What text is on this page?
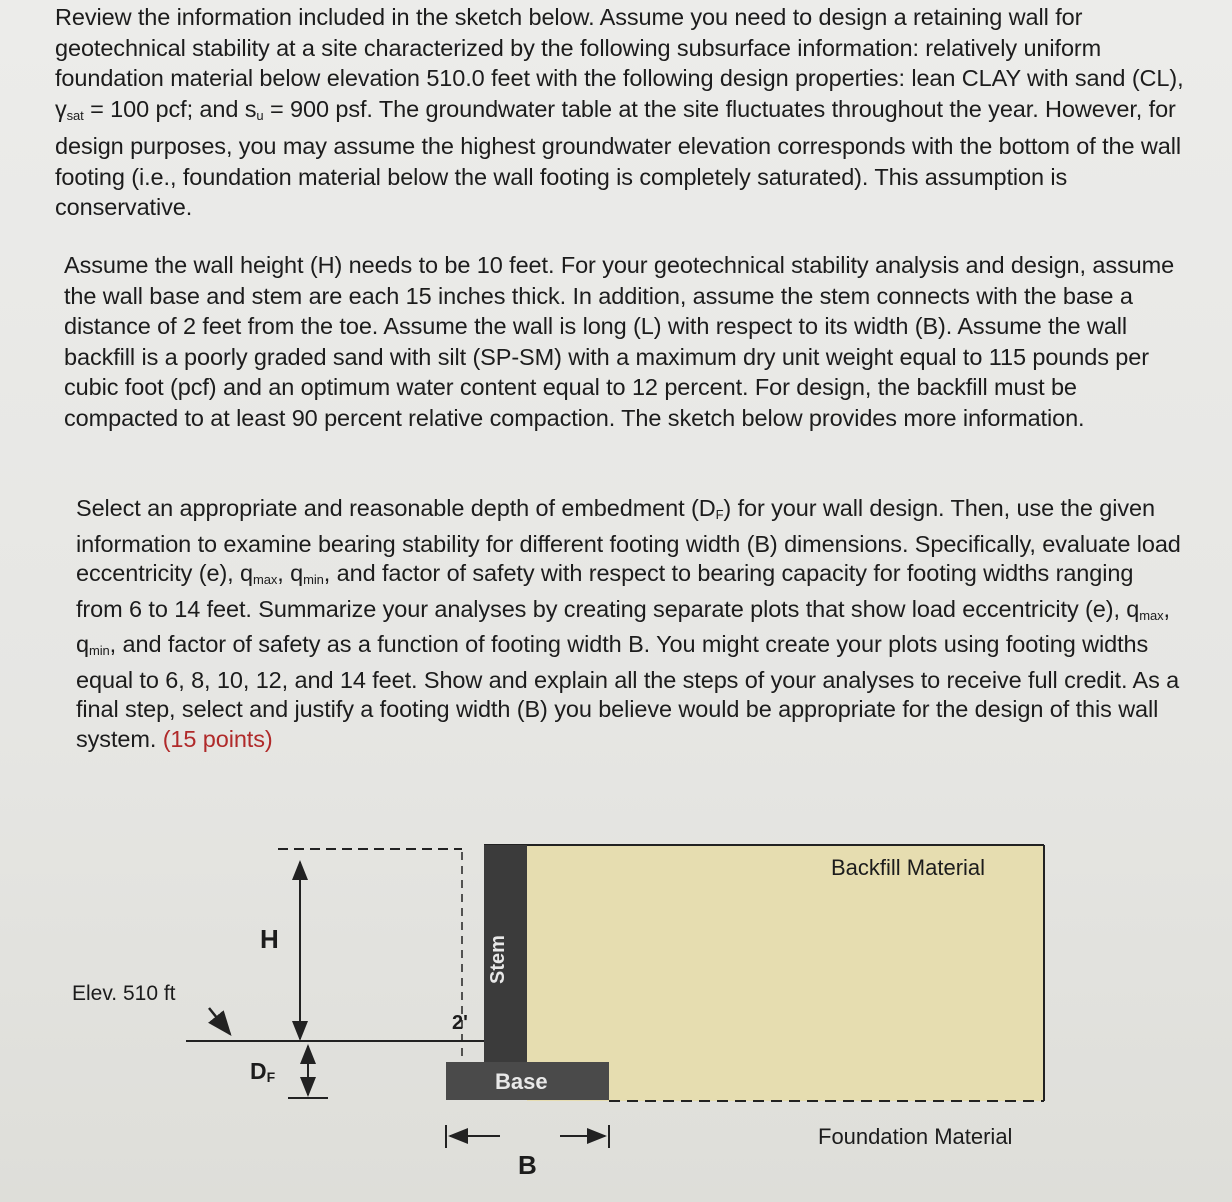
Review the information included in the sketch below. Assume you need to design a retaining wall for geotechnical stability at a site characterized by the following subsurface information: relatively uniform foundation material below elevation 510.0 feet with the following design properties: lean CLAY with sand (CL), $\gamma_{sat} = 100$ pcf; and $s_u = 900$ psf. The groundwater table at the site fluctuates throughout the year. However, for design purposes, you may assume the highest groundwater elevation corresponds with the bottom of the wall footing (i.e., foundation material below the wall footing is completely saturated). This assumption is conservative.

Assume the wall height (H) needs to be 10 feet. For your geotechnical stability analysis and design, assume the wall base and stem are each 15 inches thick. In addition, assume the stem connects with the base a distance of 2 feet from the toe. Assume the wall is long (L) with respect to its width (B). Assume the wall backfill is a poorly graded sand with silt (SP-SM) with a maximum dry unit weight equal to 115 pounds per cubic foot (pcf) and an optimum water content equal to 12 percent. For design, the backfill must be compacted to at least 90 percent relative compaction. The sketch below provides more information.

Select an appropriate and reasonable depth of embedment $(D_F)$ for your wall design. Then, use the given information to examine bearing stability for different footing width (B) dimensions. Specifically, evaluate load eccentricity (e), $q_{max}$, $q_{min}$, and factor of safety with respect to bearing capacity for footing widths ranging from 6 to 14 feet. Summarize your analyses by creating separate plots that show load eccentricity (e), $q_{max}$, $q_{min}$, and factor of safety as a function of footing width B. You might create your plots using footing widths equal to 6, 8, 10, 12, and 14 feet. Show and explain all the steps of your analyses to receive full credit. As a final step, select and justify a footing width (B) you believe would be appropriate for the design of this wall system. (15 points)

Backfill Material
Foundation Material
Elev. 510 ft
H
$D_F$
2'
Stem
Base
B
